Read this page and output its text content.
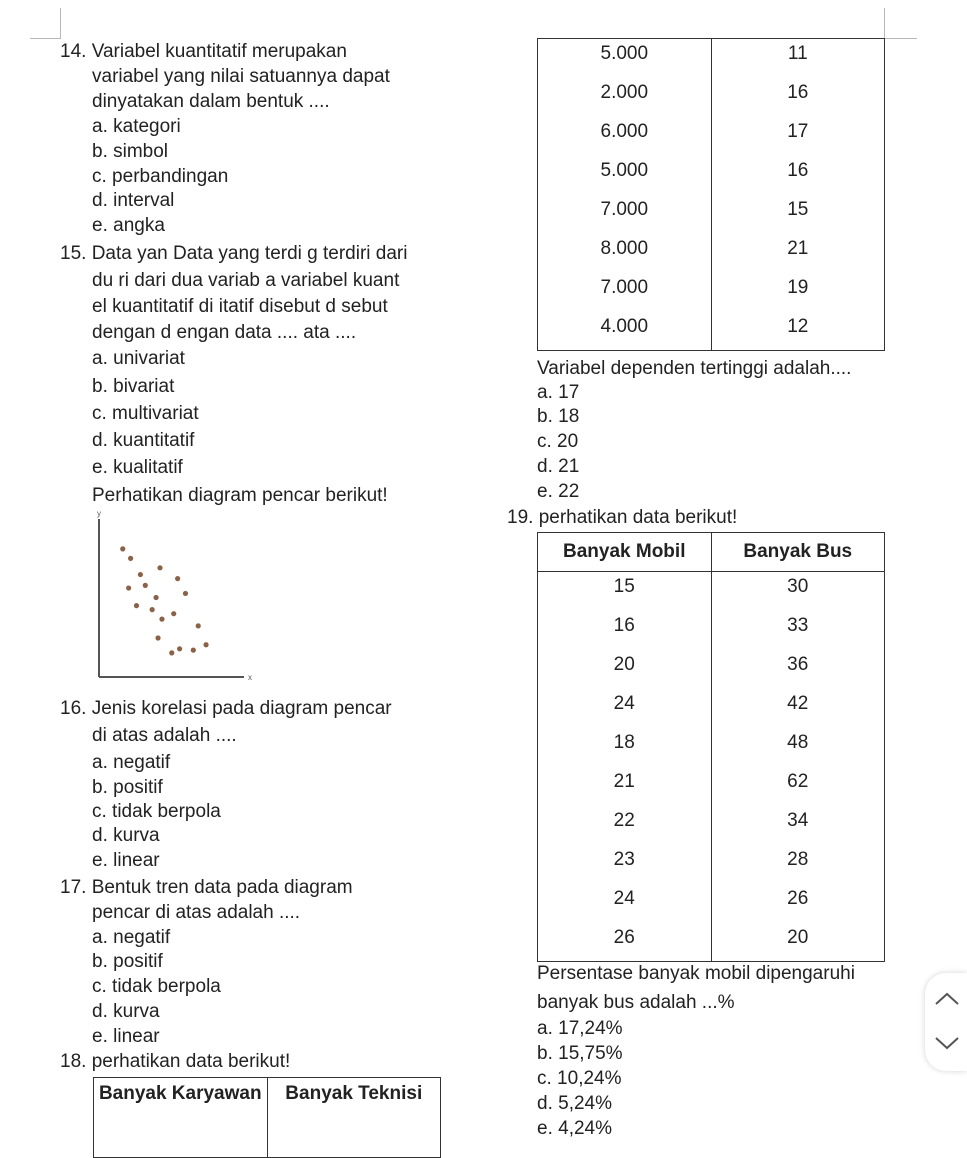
14. Variabel kuantitatif merupakan
variabel yang nilai satuannya dapat
dinyatakan dalam bentuk ....
a. kategori
b. simbol
c. perbandingan
d. interval
e. angka
15. Data yan Data yang terdi g terdiri dari
du ri dari dua variab a variabel kuant
el kuantitatif di itatif disebut d sebut
dengan d engan data .... ata ....
a. univariat
b. bivariat
c. multivariat
d. kuantitatif
e. kualitatif
Perhatikan diagram pencar berikut!
y
x
16. Jenis korelasi pada diagram pencar
di atas adalah ....
a. negatif
b. positif
c. tidak berpola
d. kurva
e. linear
17. Bentuk tren data pada diagram
pencar di atas adalah ....
a. negatif
b. positif
c. tidak berpola
d. kurva
e. linear
18. perhatikan data berikut!
Banyak Karyawan	Banyak Teknisi
5.000	11
2.000	16
6.000	17
5.000	16
7.000	15
8.000	21
7.000	19
4.000	12
Variabel dependen tertinggi adalah....
a. 17
b. 18
c. 20
d. 21
e. 22
19. perhatikan data berikut!
Banyak Mobil	Banyak Bus
15	30
16	33
20	36
24	42
18	48
21	62
22	34
23	28
24	26
26	20
Persentase banyak mobil dipengaruhi
banyak bus adalah ...%
a. 17,24%
b. 15,75%
c. 10,24%
d. 5,24%
e. 4,24%
